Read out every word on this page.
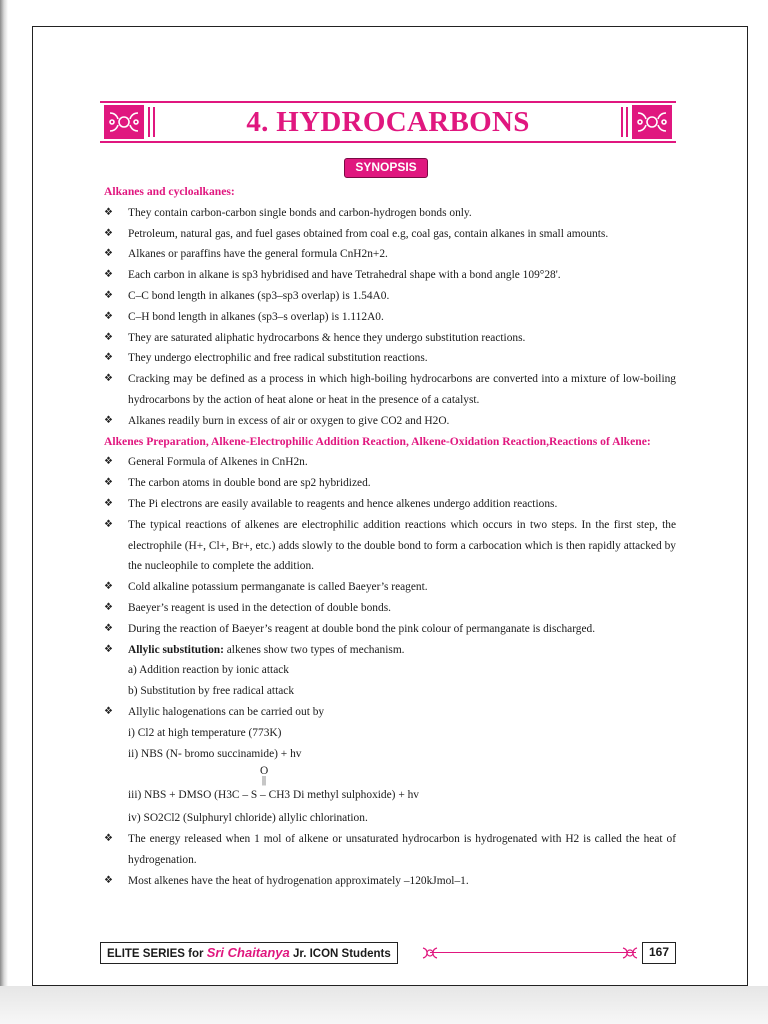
4. HYDROCARBONS
SYNOPSIS
Alkanes and cycloalkanes:
❖ They contain carbon-carbon single bonds and carbon-hydrogen bonds only.
❖ Petroleum, natural gas, and fuel gases obtained from coal e.g, coal gas, contain alkanes in small amounts.
❖ Alkanes or paraffins have the general formula CnH2n+2.
❖ Each carbon in alkane is sp3 hybridised and have Tetrahedral shape with a bond angle 109°28'.
❖ C–C bond length in alkanes (sp3–sp3 overlap) is 1.54A0.
❖ C–H bond length in alkanes (sp3–s overlap) is 1.112A0.
❖ They are saturated aliphatic hydrocarbons & hence they undergo substitution reactions.
❖ They undergo electrophilic and free radical substitution reactions.
❖ Cracking may be defined as a process in which high-boiling hydrocarbons are converted into a mixture of low-boiling hydrocarbons by the action of heat alone or heat in the presence of a catalyst.
❖ Alkanes readily burn in excess of air or oxygen to give CO2 and H2O.
Alkenes Preparation, Alkene-Electrophilic Addition Reaction, Alkene-Oxidation Reaction,Reactions of Alkene:
❖ General Formula of Alkenes in CnH2n.
❖ The carbon atoms in double bond are sp2 hybridized.
❖ The Pi electrons are easily available to reagents and hence alkenes undergo addition reactions.
❖ The typical reactions of alkenes are electrophilic addition reactions which occurs in two steps. In the first step, the electrophile (H+, Cl+, Br+, etc.) adds slowly to the double bond to form a carbocation which is then rapidly attacked by the nucleophile to complete the addition.
❖ Cold alkaline potassium permanganate is called Baeyer’s reagent.
❖ Baeyer’s reagent is used in the detection of double bonds.
❖ During the reaction of Baeyer’s reagent at double bond the pink colour of permanganate is discharged.
❖ Allylic substitution: alkenes show two types of mechanism.
a) Addition reaction by ionic attack
b) Substitution by free radical attack
❖ Allylic halogenations can be carried out by
i) Cl2 at high temperature (773K)
ii) NBS (N- bromo succinamide) + hv
O
||
iii) NBS + DMSO (H3C – S – CH3 Di methyl sulphoxide) + hv
iv) SO2Cl2 (Sulphuryl chloride) allylic chlorination.
❖ The energy released when 1 mol of alkene or unsaturated hydrocarbon is hydrogenated with H2 is called the heat of hydrogenation.
❖ Most alkenes have the heat of hydrogenation approximately –120kJmol–1.
ELITE SERIES for Sri Chaitanya Jr. ICON Students	167
